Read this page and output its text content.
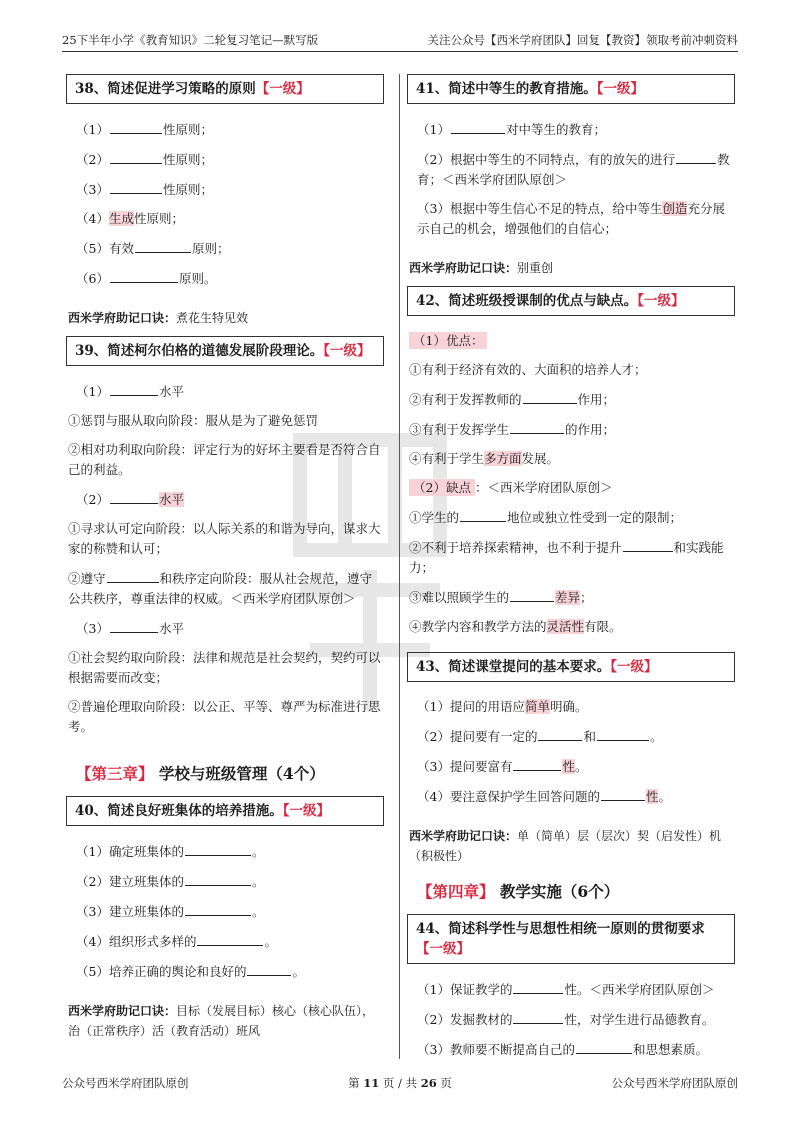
25下半年小学《教育知识》二轮复习笔记—默写版	关注公众号【西米学府团队】回复【教资】领取考前冲刺资料
38、简述促进学习策略的原则【一级】
（1）	性原则；
（2）	性原则；
（3）	性原则；
（4）生成性原则；
（5）有效	原则；
（6）	原则。
西米学府助记口诀：煮花生特见效
39、简述柯尔伯格的道德发展阶段理论。【一级】
（1）	水平
①惩罚与服从取向阶段：服从是为了避免惩罚
②相对功利取向阶段：评定行为的好坏主要看是否符合自己的利益。
（2）	水平
①寻求认可定向阶段：以人际关系的和谐为导向，谋求大家的称赞和认可；
②遵守	和秩序定向阶段：服从社会规范，遵守公共秩序，尊重法律的权威。＜西米学府团队原创＞
（3）	水平
①社会契约取向阶段：法律和规范是社会契约，契约可以根据需要而改变；
②普遍伦理取向阶段：以公正、平等、尊严为标准进行思考。
【第三章】 学校与班级管理（4个）
40、简述良好班集体的培养措施。【一级】
（1）确定班集体的	。
（2）建立班集体的	。
（3）建立班集体的	。
（4）组织形式多样的	。
（5）培养正确的舆论和良好的	。
西米学府助记口诀：目标（发展目标）核心（核心队伍），治（正常秩序）活（教育活动）班风
41、简述中等生的教育措施。【一级】
（1）	对中等生的教育；
（2）根据中等生的不同特点，有的放矢的进行	教育；＜西米学府团队原创＞
（3）根据中等生信心不足的特点，给中等生创造充分展示自己的机会，增强他们的自信心；
西米学府助记口诀：别重创
42、简述班级授课制的优点与缺点。【一级】
（1）优点：
①有利于经济有效的、大面积的培养人才；
②有利于发挥教师的	作用；
③有利于发挥学生	的作用；
④有利于学生多方面发展。
（2）缺点 ：＜西米学府团队原创＞
①学生的	地位或独立性受到一定的限制；
②不利于培养探索精神，也不利于提升	和实践能力；
③难以照顾学生的	差异；
④教学内容和教学方法的灵活性有限。
43、简述课堂提问的基本要求。【一级】
（1）提问的用语应简单明确。
（2）提问要有一定的	和	。
（3）提问要富有	性。
（4）要注意保护学生回答问题的	性。
西米学府助记口诀：单（简单）层（层次）契（启发性）机（积极性）
【第四章】 教学实施（6个）
44、简述科学性与思想性相统一原则的贯彻要求
【一级】
（1）保证教学的	性。＜西米学府团队原创＞
（2）发掘教材的	性，对学生进行品德教育。
（3）教师要不断提高自己的	和思想素质。
公众号西米学府团队原创	第 11 页 / 共 26 页	公众号西米学府团队原创
